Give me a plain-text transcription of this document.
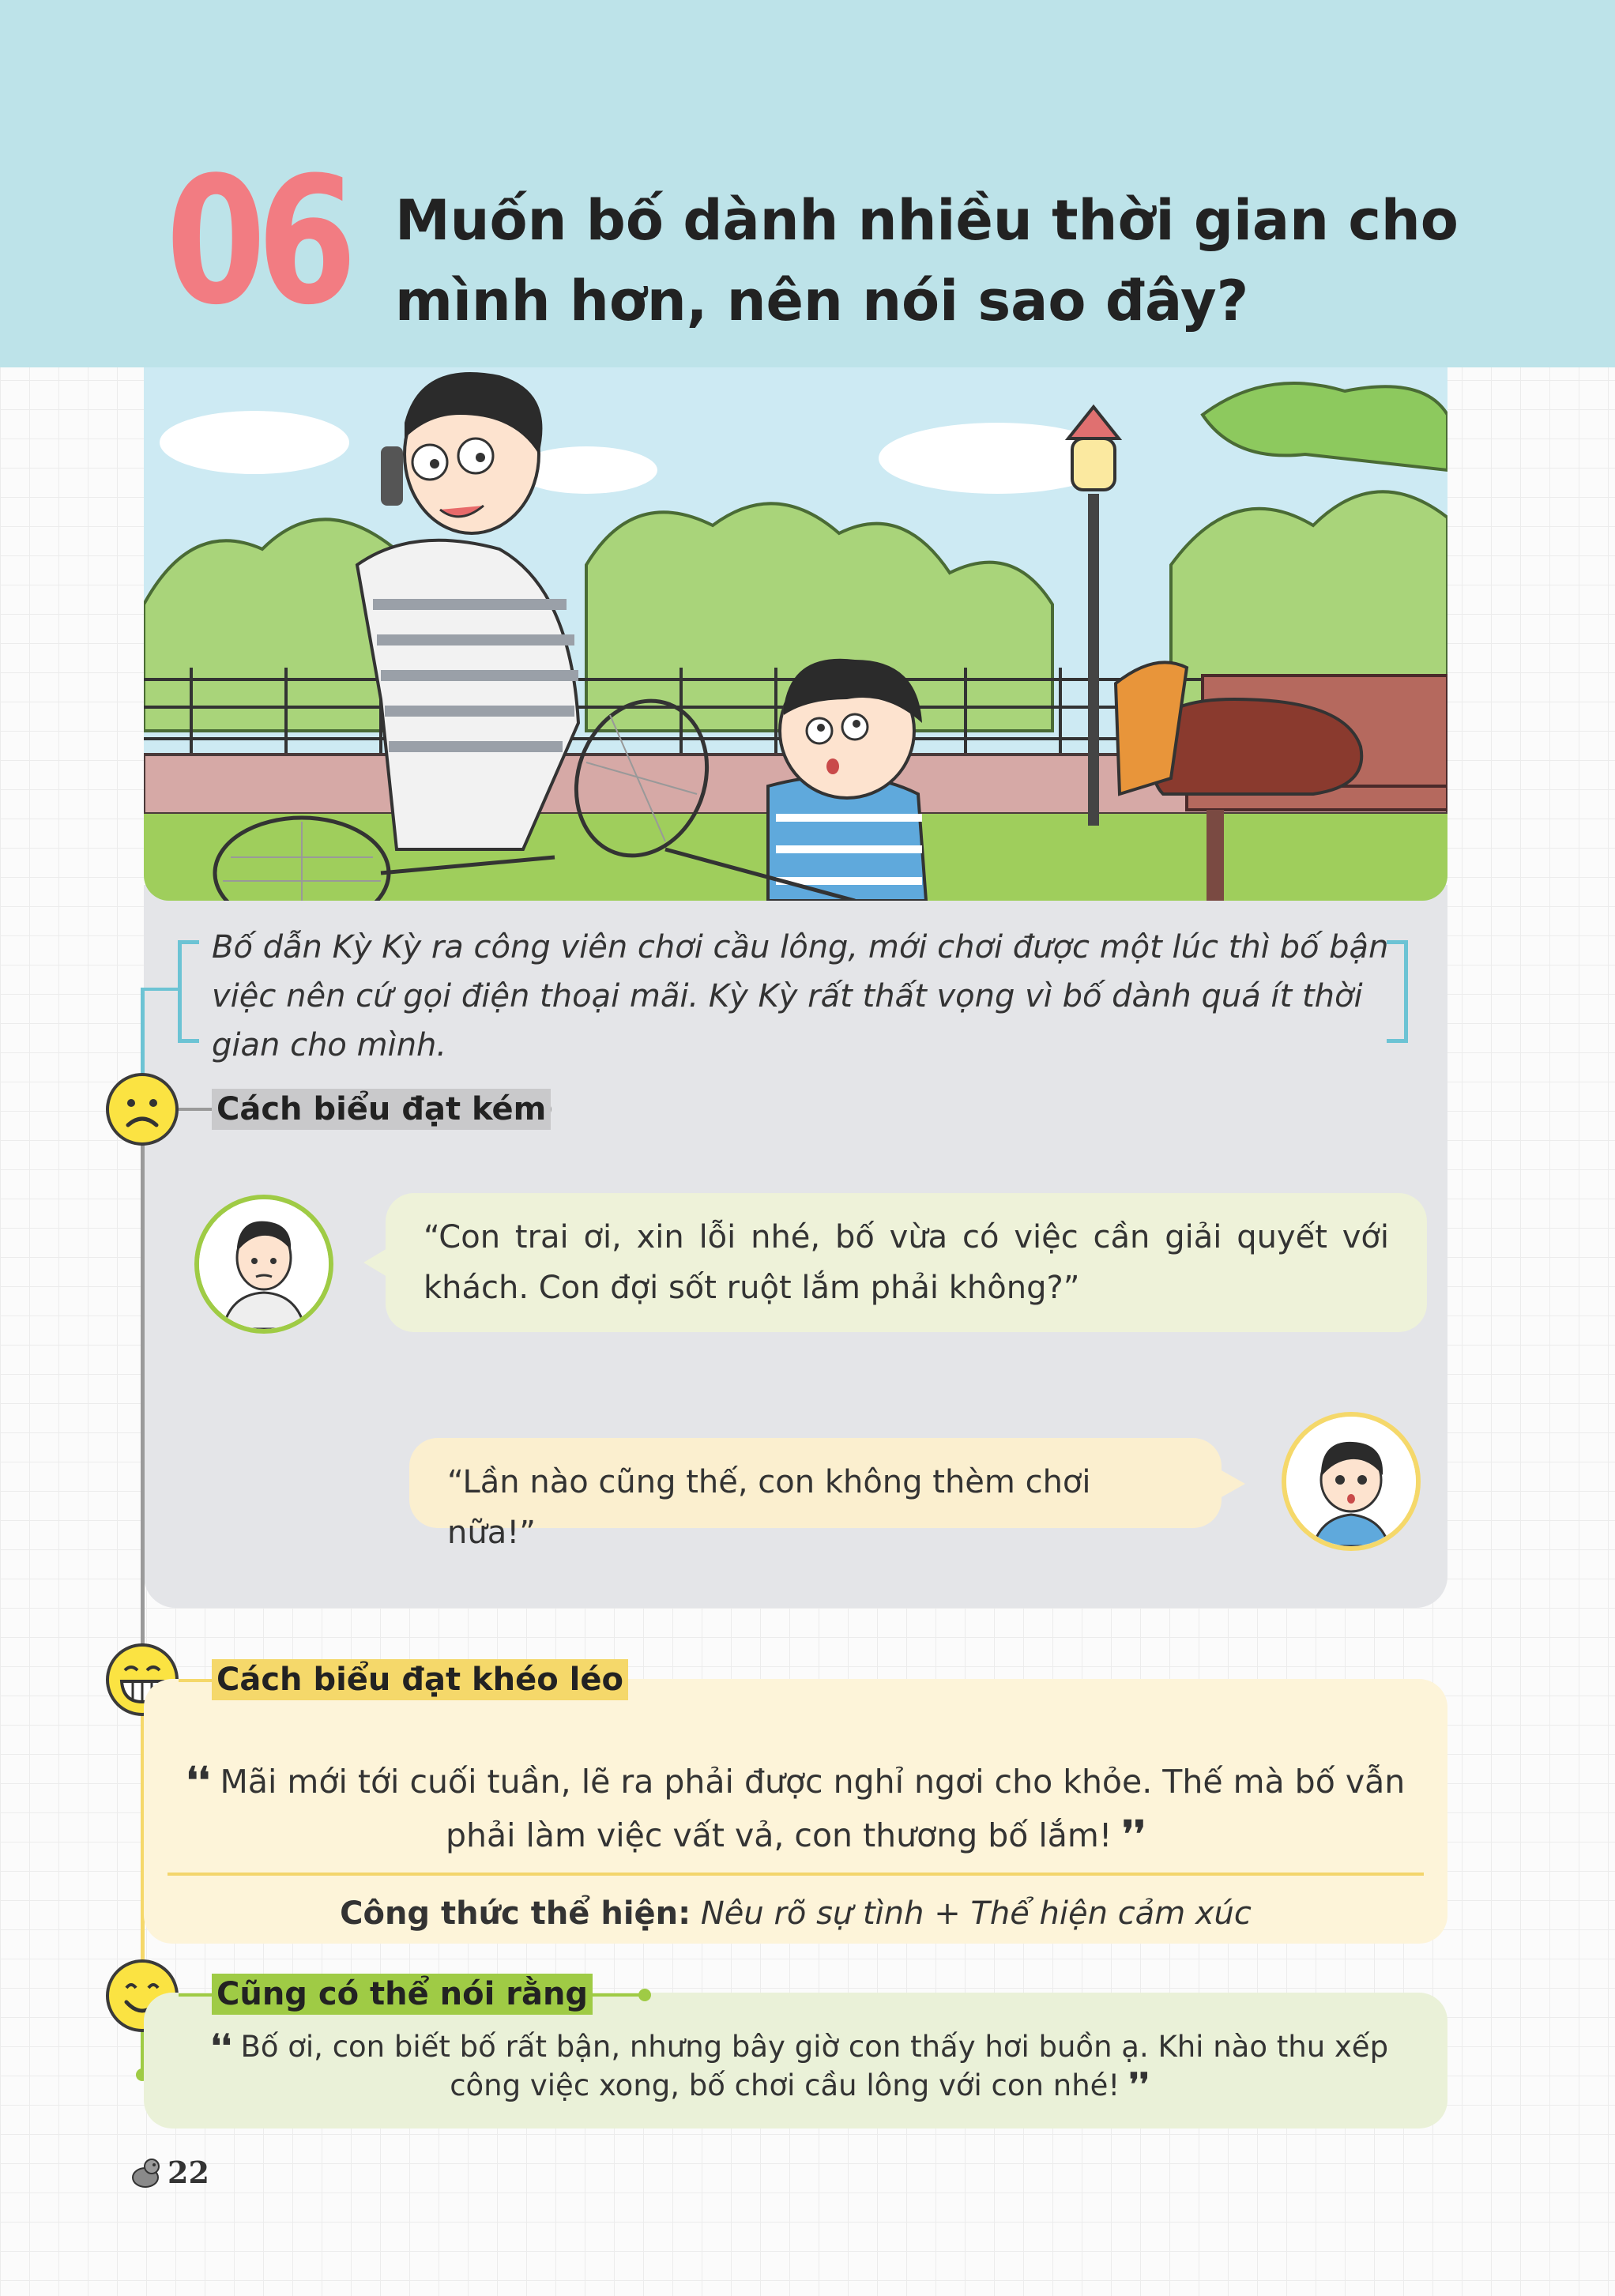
06 Muốn bố dành nhiều thời gian cho mình hơn, nên nói sao đây?
Bố dẫn Kỳ Kỳ ra công viên chơi cầu lông, mới chơi được một lúc thì bố bận việc nên cứ gọi điện thoại mãi. Kỳ Kỳ rất thất vọng vì bố dành quá ít thời gian cho mình.
Cách biểu đạt kém
“Con trai ơi, xin lỗi nhé, bố vừa có việc cần giải quyết với khách. Con đợi sốt ruột lắm phải không?”
“Lần nào cũng thế, con không thèm chơi nữa!”
Cách biểu đạt khéo léo
❛❛ Mãi mới tới cuối tuần, lẽ ra phải được nghỉ ngơi cho khỏe. Thế mà bố vẫn phải làm việc vất vả, con thương bố lắm! ❜❜
Công thức thể hiện: Nêu rõ sự tình + Thể hiện cảm xúc
Cũng có thể nói rằng
❛❛ Bố ơi, con biết bố rất bận, nhưng bây giờ con thấy hơi buồn ạ. Khi nào thu xếp công việc xong, bố chơi cầu lông với con nhé! ❜❜
22
